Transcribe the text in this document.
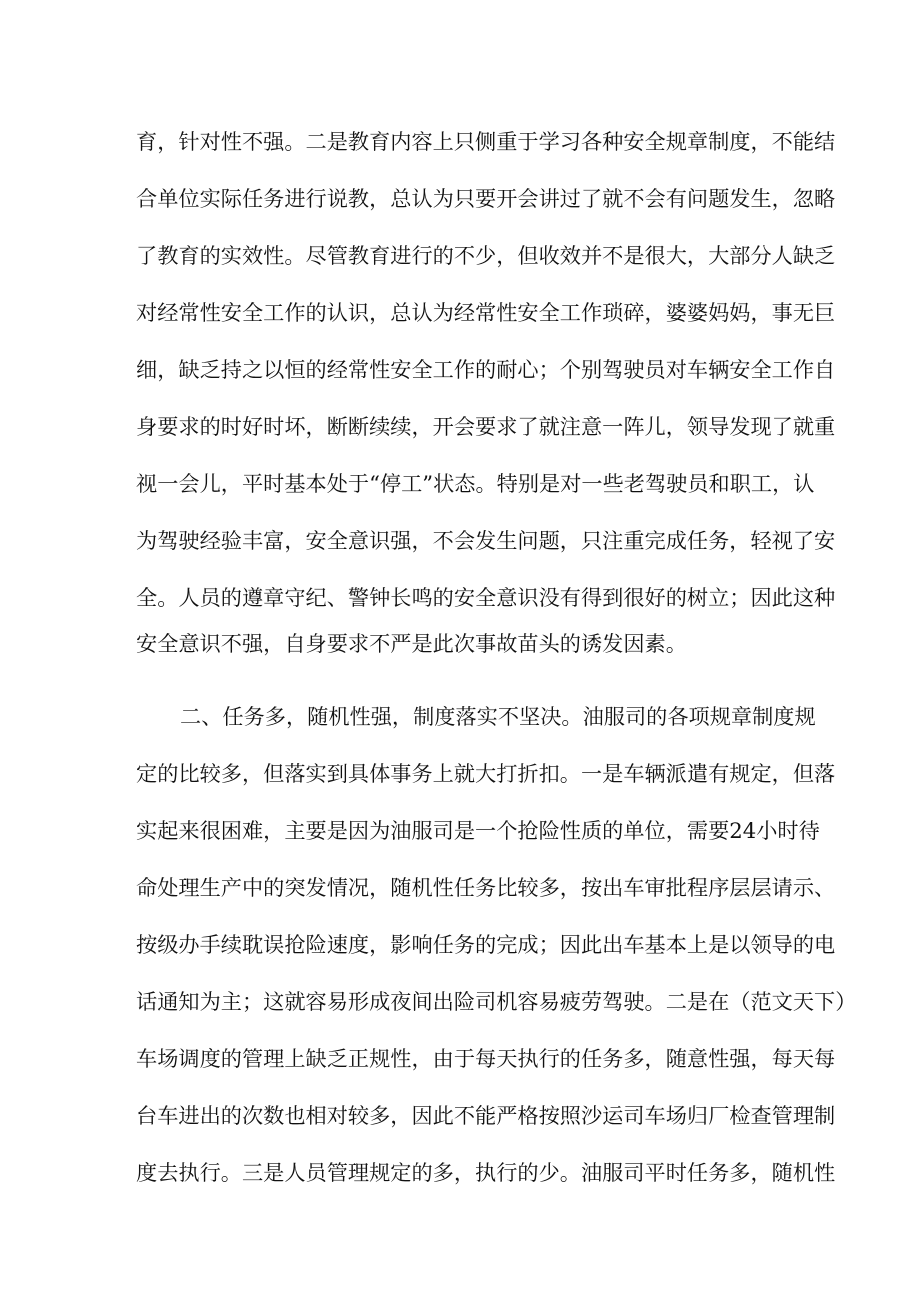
育，针对性不强。二是教育内容上只侧重于学习各种安全规章制度，不能结
合单位实际任务进行说教，总认为只要开会讲过了就不会有问题发生，忽略
了教育的实效性。尽管教育进行的不少，但收效并不是很大，大部分人缺乏
对经常性安全工作的认识，总认为经常性安全工作琐碎，婆婆妈妈，事无巨
细，缺乏持之以恒的经常性安全工作的耐心；个别驾驶员对车辆安全工作自
身要求的时好时坏，断断续续，开会要求了就注意一阵儿，领导发现了就重
视一会儿，平时基本处于“停工”状态。特别是对一些老驾驶员和职工，认
为驾驶经验丰富，安全意识强，不会发生问题，只注重完成任务，轻视了安
全。人员的遵章守纪、警钟长鸣的安全意识没有得到很好的树立；因此这种
安全意识不强，自身要求不严是此次事故苗头的诱发因素。
二、任务多，随机性强，制度落实不坚决。油服司的各项规章制度规
定的比较多，但落实到具体事务上就大打折扣。一是车辆派遣有规定，但落
实起来很困难，主要是因为油服司是一个抢险性质的单位，需要24小时待
命处理生产中的突发情况，随机性任务比较多，按出车审批程序层层请示、
按级办手续耽误抢险速度，影响任务的完成；因此出车基本上是以领导的电
话通知为主；这就容易形成夜间出险司机容易疲劳驾驶。二是在（范文天下）
车场调度的管理上缺乏正规性，由于每天执行的任务多，随意性强，每天每
台车进出的次数也相对较多，因此不能严格按照沙运司车场归厂检查管理制
度去执行。三是人员管理规定的多，执行的少。油服司平时任务多，随机性
